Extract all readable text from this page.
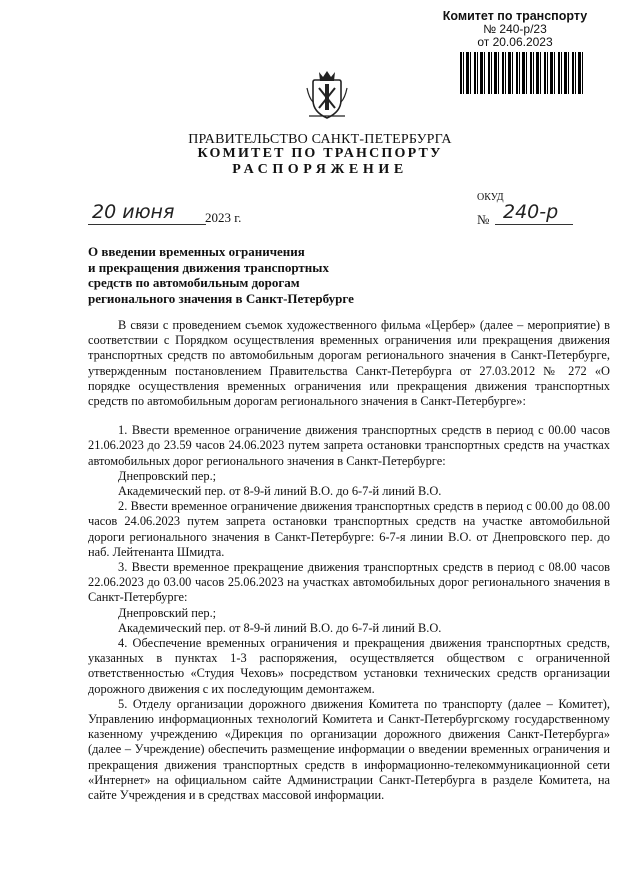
Комитет по транспорту
№ 240-р/23
от 20.06.2023
ПРАВИТЕЛЬСТВО САНКТ-ПЕТЕРБУРГА
КОМИТЕТ ПО ТРАНСПОРТУ
РАСПОРЯЖЕНИЕ
ОКУД
20 июня	2023 г.	№ 240-р
О введении временных ограничения
и прекращения движения транспортных
средств по автомобильным дорогам
регионального значения в Санкт-Петербурге

В связи с проведением съемок художественного фильма «Цербер» (далее – мероприятие) в соответствии с Порядком осуществления временных ограничения или прекращения движения транспортных средств по автомобильным дорогам регионального значения в Санкт-Петербурге, утвержденным постановлением Правительства Санкт-Петербурга от 27.03.2012 № 272 «О порядке осуществления временных ограничения или прекращения движения транспортных средств по автомобильным дорогам регионального значения в Санкт-Петербурге»:

1. Ввести временное ограничение движения транспортных средств в период с 00.00 часов 21.06.2023 до 23.59 часов 24.06.2023 путем запрета остановки транспортных средств на участках автомобильных дорог регионального значения в Санкт-Петербурге:

Днепровский пер.;

Академический пер. от 8-9-й линий В.О. до 6-7-й линий В.О.

2. Ввести временное ограничение движения транспортных средств в период с 00.00 до 08.00 часов 24.06.2023 путем запрета остановки транспортных средств на участке автомобильной дороги регионального значения в Санкт-Петербурге: 6-7-я линии В.О. от Днепровского пер. до наб. Лейтенанта Шмидта.

3. Ввести временное прекращение движения транспортных средств в период с 08.00 часов 22.06.2023 до 03.00 часов 25.06.2023 на участках автомобильных дорог регионального значения в Санкт-Петербурге:

Днепровский пер.;

Академический пер. от 8-9-й линий В.О. до 6-7-й линий В.О.

4. Обеспечение временных ограничения и прекращения движения транспортных средств, указанных в пунктах 1-3 распоряжения, осуществляется обществом с ограниченной ответственностью «Студия Чеховъ» посредством установки технических средств организации дорожного движения с их последующим демонтажем.

5. Отделу организации дорожного движения Комитета по транспорту (далее – Комитет), Управлению информационных технологий Комитета и Санкт-Петербургскому государственному казенному учреждению «Дирекция по организации дорожного движения Санкт-Петербурга» (далее – Учреждение) обеспечить размещение информации о введении временных ограничения и прекращения движения транспортных средств в информационно-телекоммуникационной сети «Интернет» на официальном сайте Администрации Санкт-Петербурга в разделе Комитета, на сайте Учреждения и в средствах массовой информации.
